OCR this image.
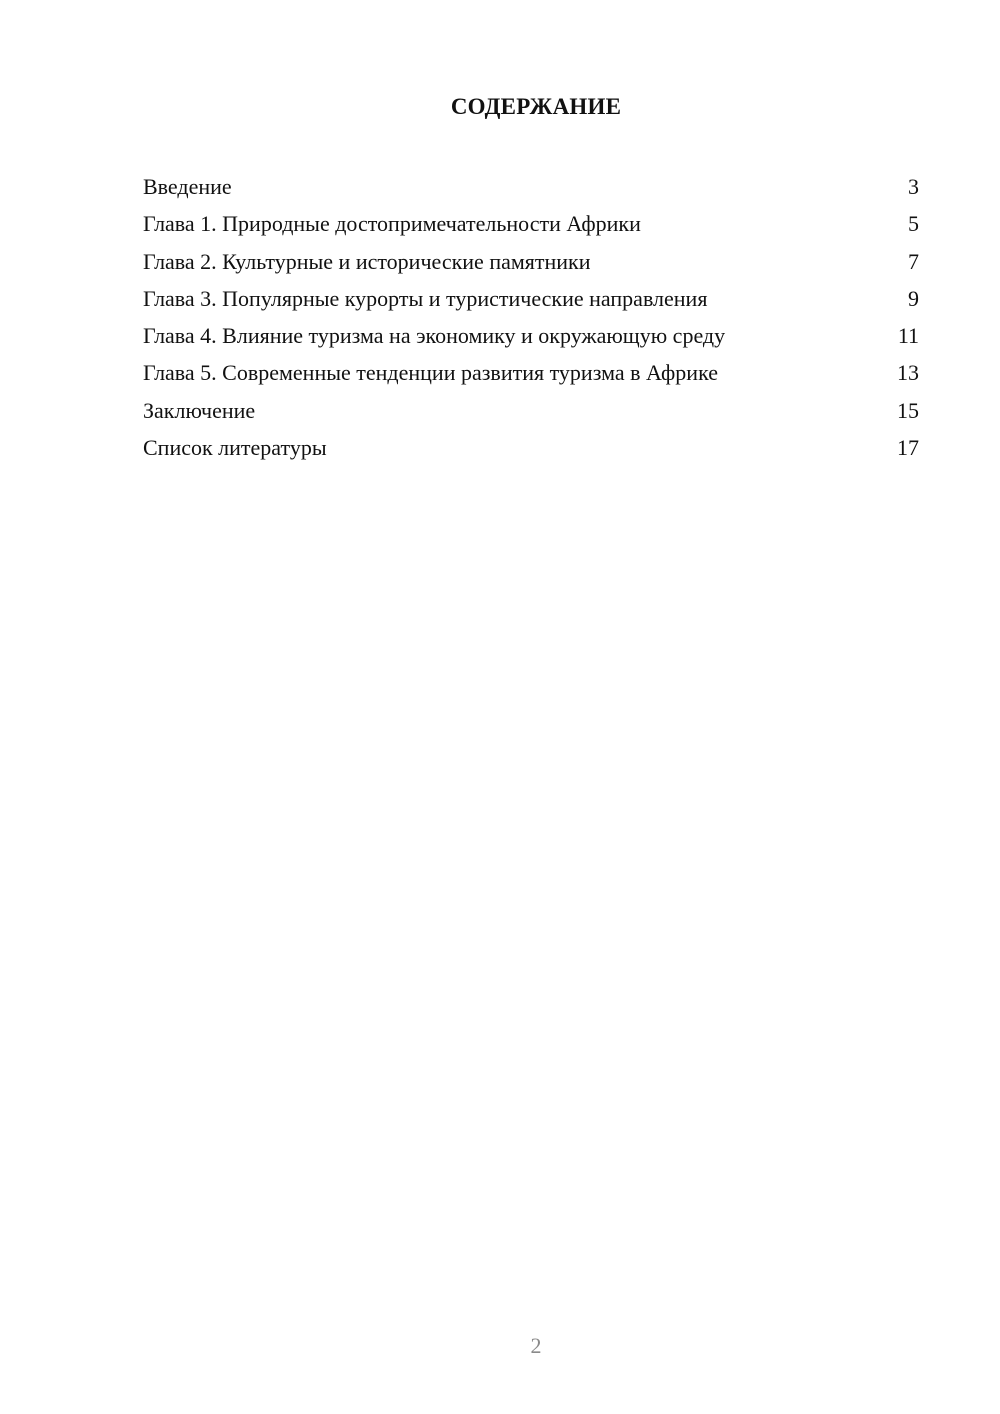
СОДЕРЖАНИЕ
Введение	3
Глава 1. Природные достопримечательности Африки	5
Глава 2. Культурные и исторические памятники	7
Глава 3. Популярные курорты и туристические направления	9
Глава 4. Влияние туризма на экономику и окружающую среду	11
Глава 5. Современные тенденции развития туризма в Африке	13
Заключение	15
Список литературы	17
2
